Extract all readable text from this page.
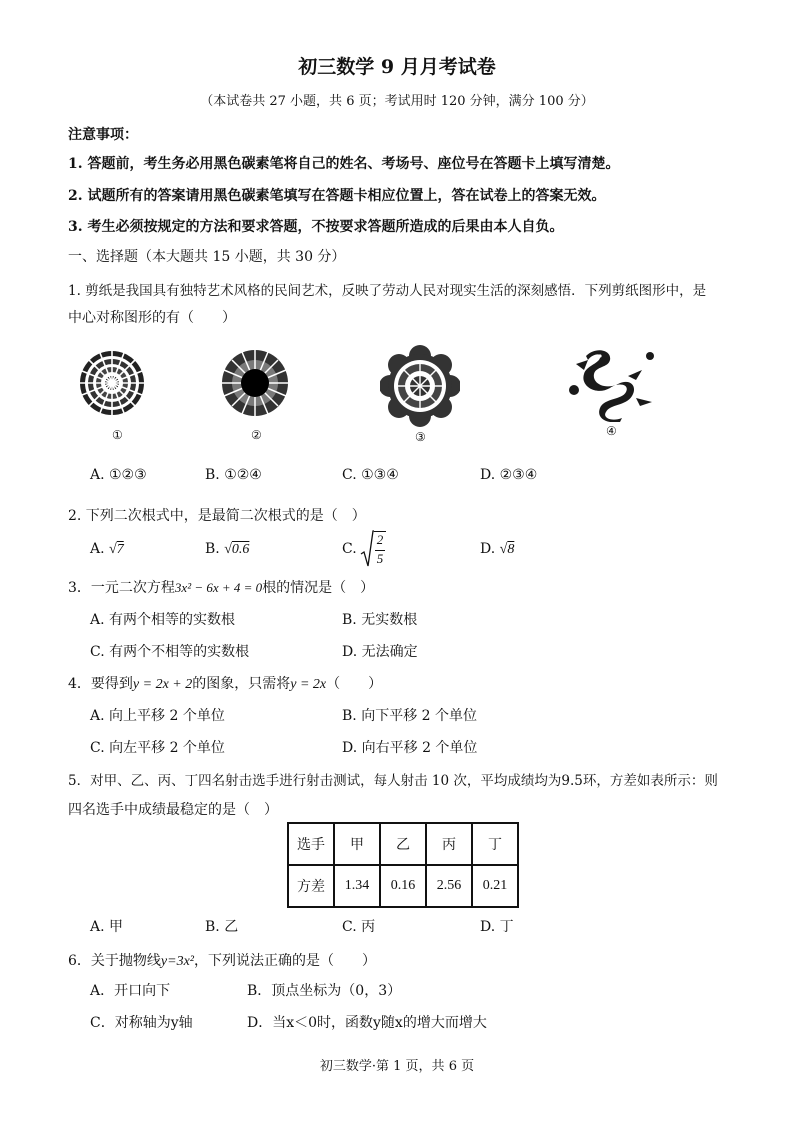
初三数学 9 月月考试卷
（本试卷共 27 小题，共 6 页；考试用时 120 分钟，满分 100 分）
注意事项：
1. 答题前，考生务必用黑色碳素笔将自己的姓名、考场号、座位号在答题卡上填写清楚。
2. 试题所有的答案请用黑色碳素笔填写在答题卡相应位置上，答在试卷上的答案无效。
3. 考生必须按规定的方法和要求答题，不按要求答题所造成的后果由本人自负。
一、选择题（本大题共 15 小题，共 30 分）
1. 剪纸是我国具有独特艺术风格的民间艺术，反映了劳动人民对现实生活的深刻感悟．下列剪纸图形中，是
中心对称图形的有（　　）
①	②	③	④
A. ①②③	B. ①②④	C. ①③④	D. ②③④
2. 下列二次根式中，是最简二次根式的是（　）
A. √7	B. √0.6	C.
2
5
D. √8
3．一元二次方程3x² − 6x + 4 = 0根的情况是（　）
A. 有两个相等的实数根	B. 无实数根
C. 有两个不相等的实数根	D. 无法确定
4．要得到y = 2x + 2的图象，只需将y = 2x（　　）
A. 向上平移 2 个单位	B. 向下平移 2 个单位
C. 向左平移 2 个单位	D. 向右平移 2 个单位
5．对甲、乙、丙、丁四名射击选手进行射击测试，每人射击 10 次，平均成绩均为9.5环，方差如表所示：则
四名选手中成绩最稳定的是（　）
选手	甲	乙	丙	丁
方差	1.34	0.16	2.56	0.21
A. 甲	B. 乙	C. 丙	D. 丁
6．关于抛物线y=3x²，下列说法正确的是（　　）
A．开口向下	B．顶点坐标为（0，3）
C．对称轴为y轴	D．当x＜0时，函数y随x的增大而增大
初三数学·第 1 页，共 6 页
